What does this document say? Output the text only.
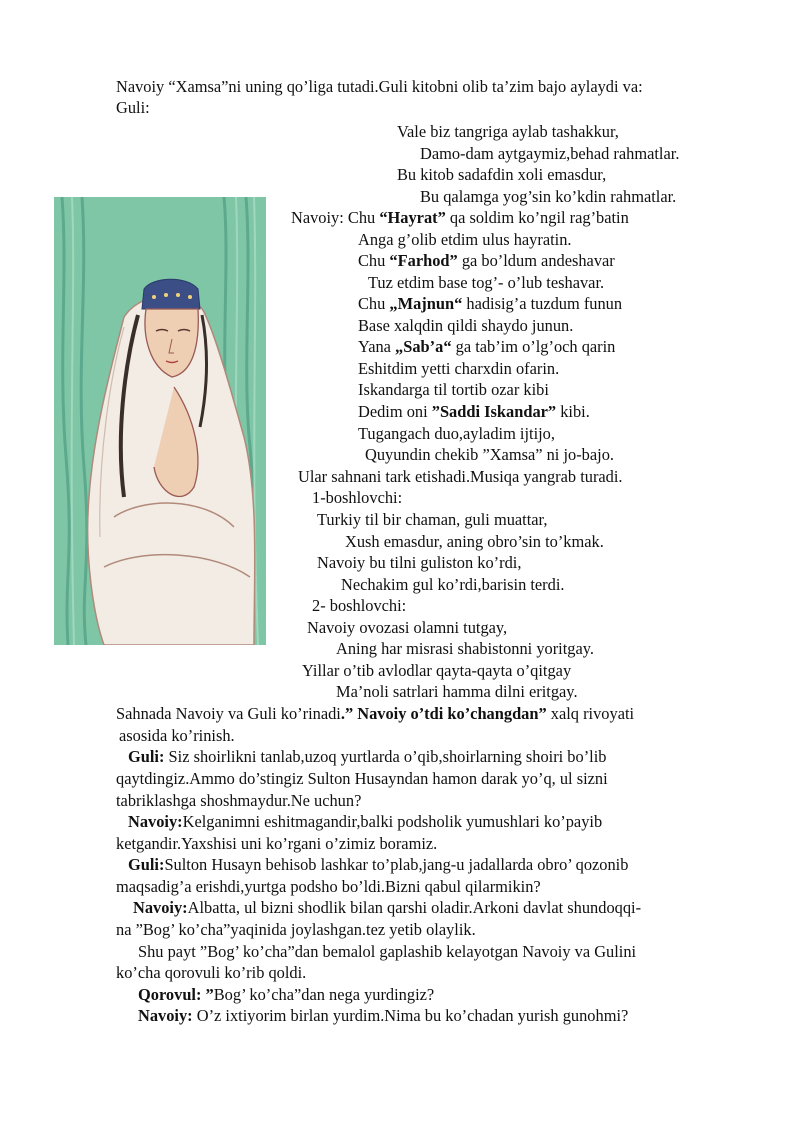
Navoiy “Xamsa”ni uning qo’liga tutadi.Guli kitobni olib ta’zim bajo aylaydi va:
Guli:
Vale biz tangriga aylab tashakkur,
Damo-dam aytgaymiz,behad rahmatlar.
Bu kitob sadafdin xoli emasdur,
Bu qalamga yog’sin ko’kdin rahmatlar.
Navoiy: Chu “Hayrat” qa soldim ko’ngil rag’batin
Anga g’olib etdim ulus hayratin.
Chu “Farhod” ga bo’ldum andeshavar
Tuz etdim base tog’- o’lub teshavar.
Chu „Majnun“ hadisig’a tuzdum funun
Base xalqdin qildi shaydo junun.
Yana „Sab’a“ ga tab’im o’lg’och qarin
Eshitdim yetti charxdin ofarin.
Iskandarga til tortib ozar kibi
Dedim oni ”Saddi Iskandar” kibi.
Tugangach duo,ayladim ijtijo,
Quyundin chekib ”Xamsa” ni jo-bajo.
Ular sahnani tark etishadi.Musiqa yangrab turadi.
1-boshlovchi:
Turkiy til bir chaman, guli muattar,
Xush emasdur, aning obro’sin to’kmak.
Navoiy bu tilni guliston ko’rdi,
Nechakim gul ko’rdi,barisin terdi.
2- boshlovchi:
Navoiy ovozasi olamni tutgay,
Aning har misrasi shabistonni yoritgay.
Yillar o’tib avlodlar qayta-qayta o’qitgay
Ma’noli satrlari hamma dilni eritgay.
Sahnada Navoiy va Guli ko’rinadi.” Navoiy o’tdi ko’changdan” xalq rivoyati
asosida ko’rinish.
Guli: Siz shoirlikni tanlab,uzoq yurtlarda o’qib,shoirlarning shoiri bo’lib
qaytdingiz.Ammo do’stingiz Sulton Husayndan hamon darak yo’q, ul sizni
tabriklashga shoshmaydur.Ne uchun?
Navoiy:Kelganimni eshitmagandir,balki podsholik yumushlari ko’payib
ketgandir.Yaxshisi uni ko’rgani o’zimiz boramiz.
Guli:Sulton Husayn behisob lashkar to’plab,jang-u jadallarda obro’ qozonib
maqsadig’a erishdi,yurtga podsho bo’ldi.Bizni qabul qilarmikin?
Navoiy:Albatta, ul bizni shodlik bilan qarshi oladir.Arkoni davlat shundoqqi-
na ”Bog’ ko’cha”yaqinida joylashgan.tez yetib olaylik.
Shu payt ”Bog’ ko’cha”dan bemalol gaplashib kelayotgan Navoiy va Gulini
ko’cha qorovuli ko’rib qoldi.
Qorovul: ”Bog’ ko’cha”dan nega yurdingiz?
Navoiy: O’z ixtiyorim birlan yurdim.Nima bu ko’chadan yurish gunohmi?
